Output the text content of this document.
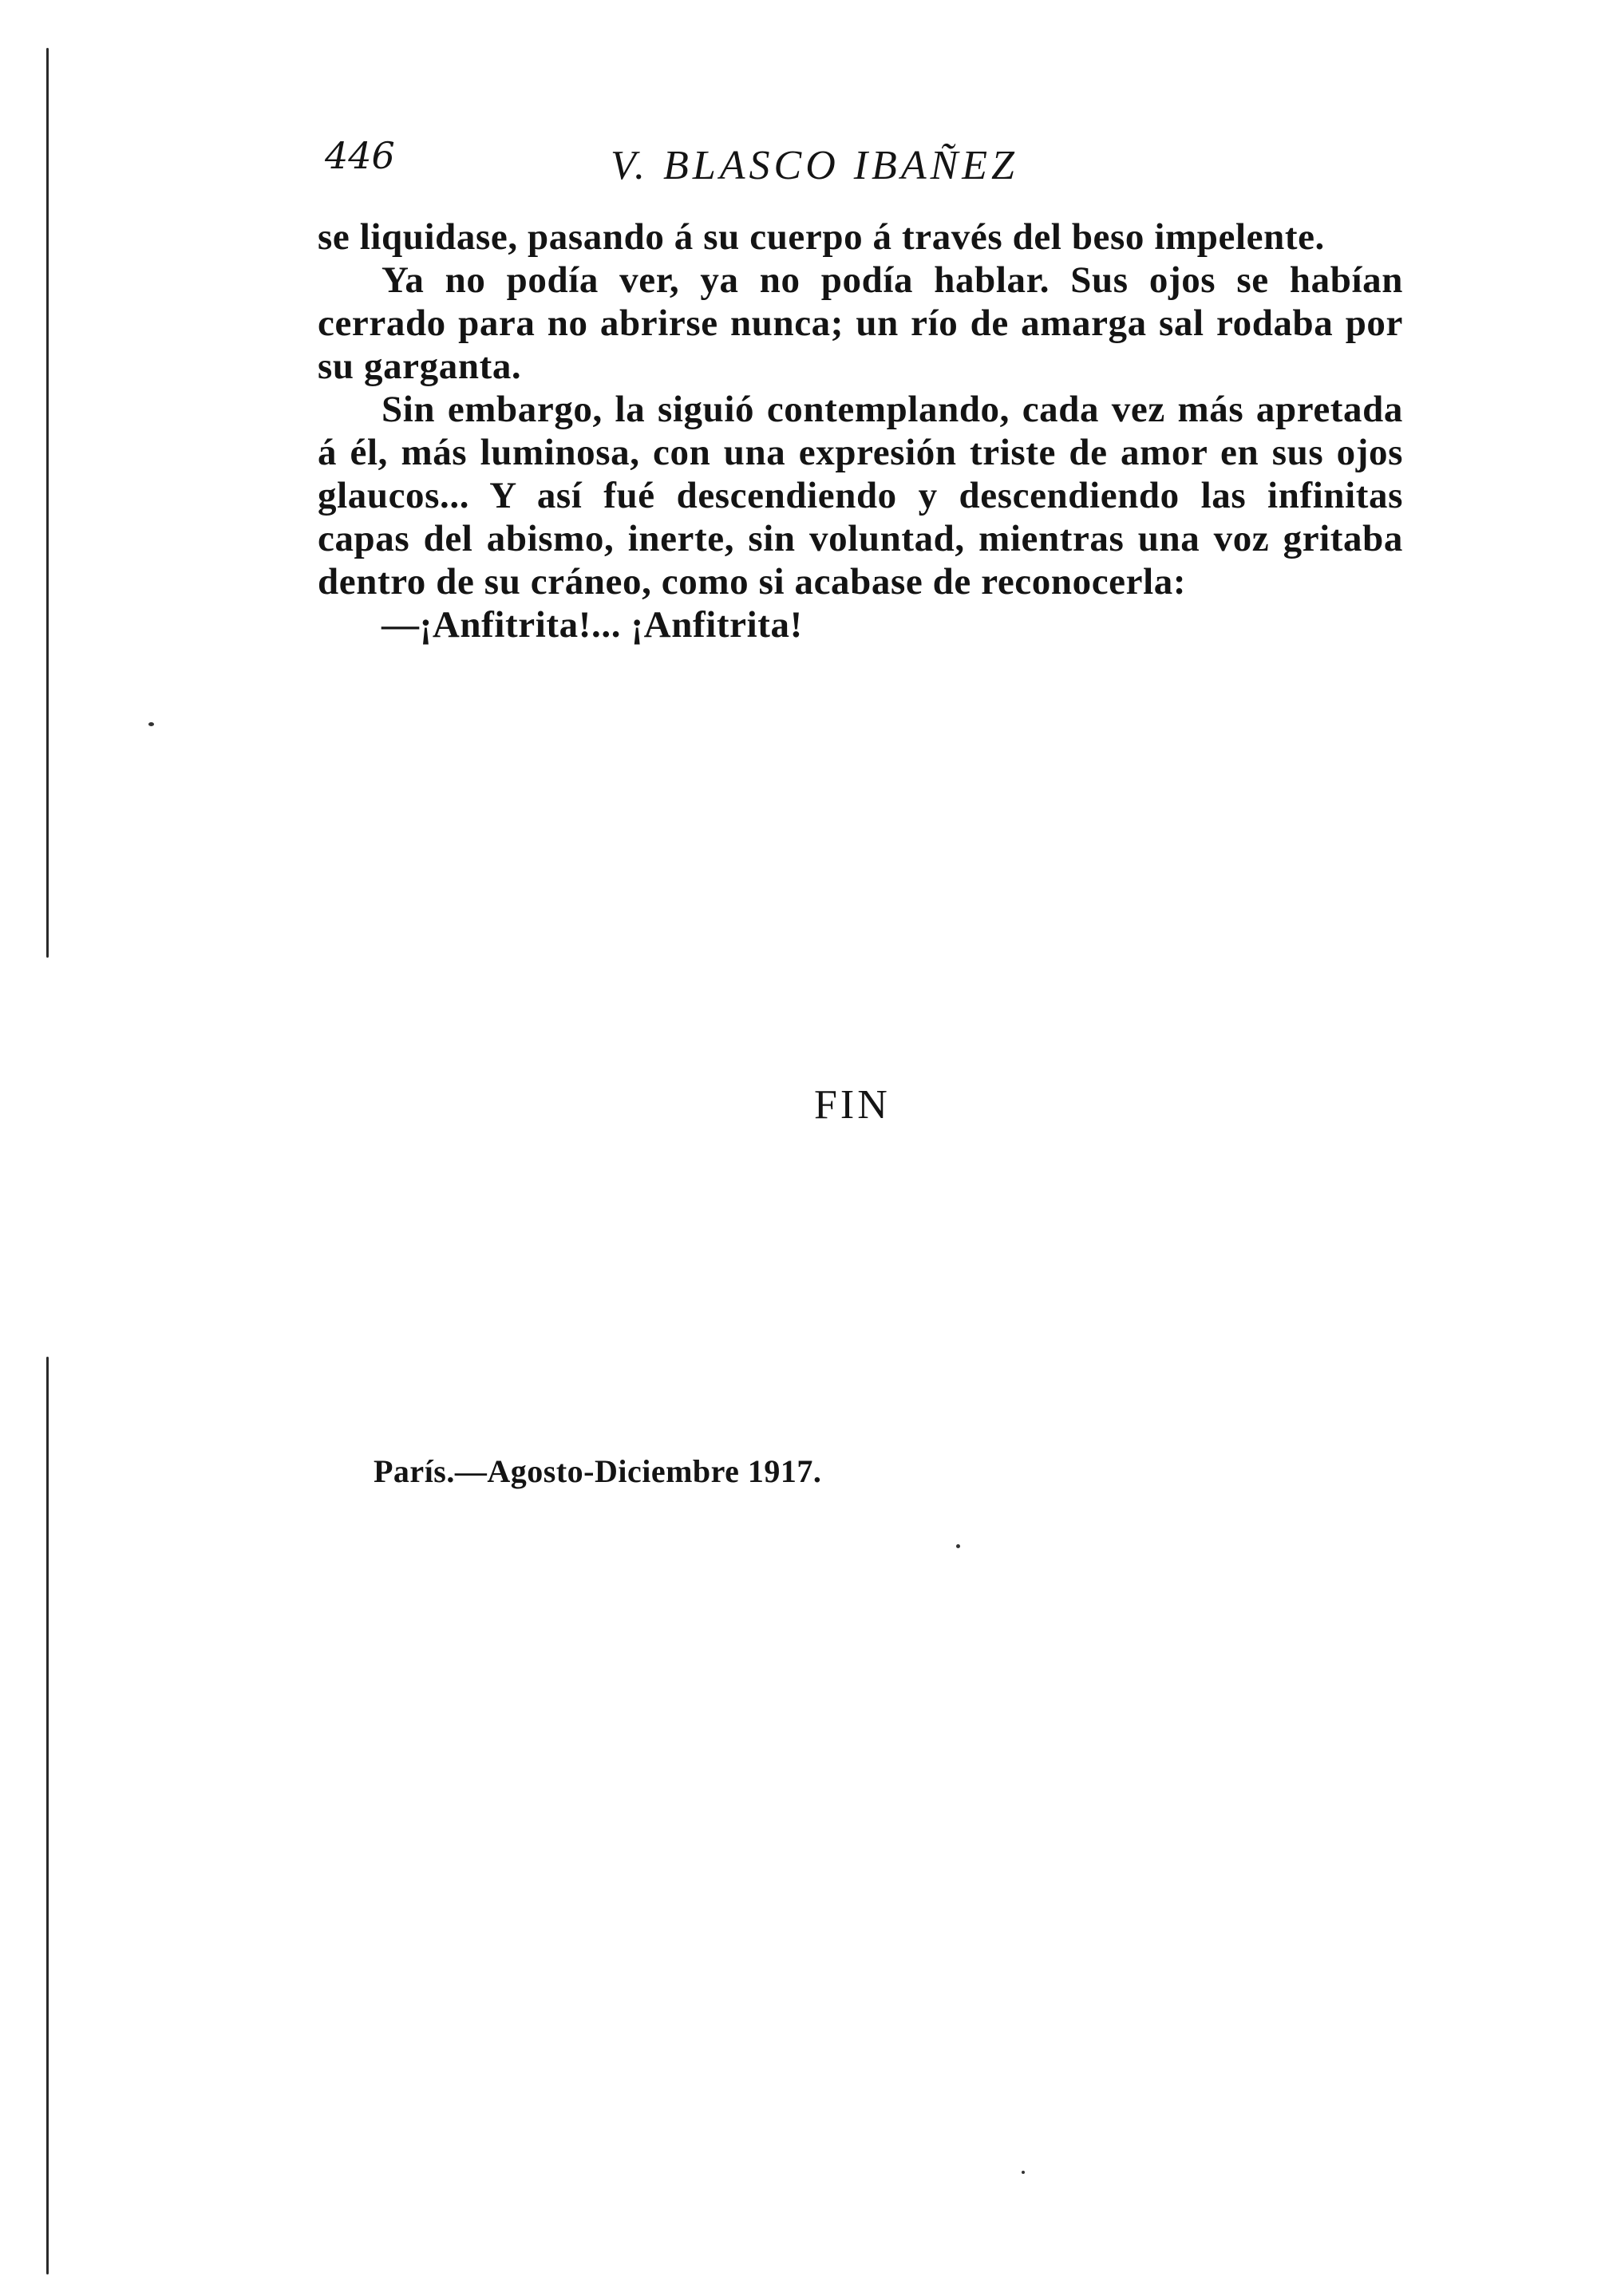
446	V. BLASCO IBAÑEZ

se liquidase, pasando á su cuerpo á través del beso impelente.

Ya no podía ver, ya no podía hablar. Sus ojos se habían cerrado para no abrirse nunca; un río de amarga sal rodaba por su garganta.

Sin embargo, la siguió contemplando, cada vez más apretada á él, más luminosa, con una expresión triste de amor en sus ojos glaucos... Y así fué descendiendo y descendiendo las infinitas capas del abismo, inerte, sin voluntad, mientras una voz gritaba dentro de su cráneo, como si acabase de reconocerla:

—¡Anfitrita!... ¡Anfitrita!

FIN
París.—Agosto-Diciembre 1917.
